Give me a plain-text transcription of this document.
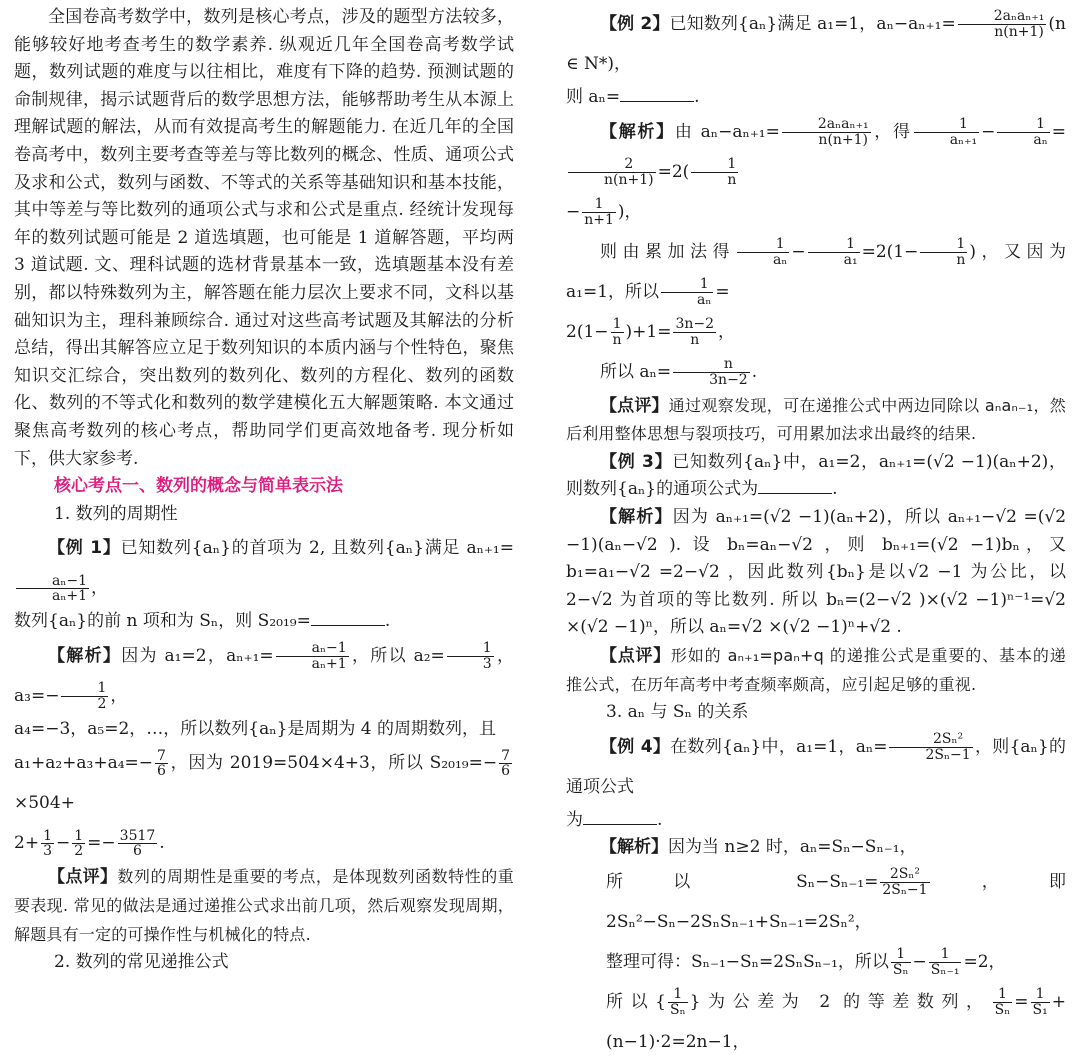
全国卷高考数学中，数列是核心考点，涉及的题型方法较多，能够较好地考查考生的数学素养. 纵观近几年全国卷高考数学试题，数列试题的难度与以往相比，难度有下降的趋势. 预测试题的命制规律，揭示试题背后的数学思想方法，能够帮助考生从本源上理解试题的解法，从而有效提高考生的解题能力. 在近几年的全国卷高考中，数列主要考查等差与等比数列的概念、性质、通项公式及求和公式，数列与函数、不等式的关系等基础知识和基本技能，其中等差与等比数列的通项公式与求和公式是重点. 经统计发现每年的数列试题可能是 2 道选填题，也可能是 1 道解答题，平均两 3 道试题. 文、理科试题的选材背景基本一致，选填题基本没有差别，都以特殊数列为主，解答题在能力层次上要求不同，文科以基础知识为主，理科兼顾综合. 通过对这些高考试题及其解法的分析总结，得出其解答应立足于数列知识的本质内涵与个性特色，聚焦知识交汇综合，突出数列的数列化、数列的方程化、数列的函数化、数列的不等式化和数列的数学建模化五大解题策略. 本文通过聚焦高考数列的核心考点，帮助同学们更高效地备考. 现分析如下，供大家参考.

核心考点一、数列的概念与简单表示法

1. 数列的周期性

【例 1】已知数列{aₙ}的首项为 2, 且数列{aₙ}满足 aₙ₊₁=
$\frac{\text{aₙ−1}}{\text{aₙ+1}}$ ，

数列{aₙ}的前 n 项和为 Sₙ，则 S₂₀₁₉=	.

【解析】因为 a₁=2，$a_{n+1}= \frac{\text{aₙ−1}}{\text{aₙ+1}}$ ，所以 $a_2= \frac{1}{3}$ ，$a_3=- \frac{1}{2}$ ，

a₄=−3，a₅=2，…，所以数列{aₙ}是周期为 4 的周期数列，且

$a_1+a_2+a_3+a_4=- \frac{7}{6}$ ，因为 2019=504×4+3，所以 $S_{2019}=- \frac{7}{6}$
×504+

$2+ \frac{1}{3} - \frac{1}{2} =- \frac{3517}{6}$ .

【点评】数列的周期性是重要的考点，是体现数列函数特性的重要表现. 常见的做法是通过递推公式求出前几项，然后观察发现周期，解题具有一定的可操作性与机械化的特点.

2. 数列的常见递推公式

【例 2】已知数列{aₙ}满足 a₁=1，$a_n-a_{n+1}= \frac{\text{2aₙaₙ₊₁}}{n(n+1)} (n$ ∈ N*)，

则 aₙ=	.

【解析】由 $a_n-a_{n+1}= \frac{\text{2aₙaₙ₊₁}}{n(n+1)}$ ，得 $\frac{1}{\text{aₙ₊₁}} - \frac{1}{\text{aₙ}}$ =
$\frac{2}{n(n+1)} =2( \frac{1}{n}$

− $\frac{1}{n+1}$ )，

则由累加法得 $\frac{1}{\text{aₙ}} - \frac{1}{\text{a₁}} =2(1- \frac{1}{n}$ )，又因为 a₁=1，所以 $\frac{1}{\text{aₙ}}$ =

$2(1- \frac{1}{n} )+1= \frac{3n-2}{n}$ ，

所以 $a_n= \frac{n}{3n-2}$ .

【点评】通过观察发现，可在递推公式中两边同除以 aₙaₙ₋₁，然后利用整体思想与裂项技巧，可用累加法求出最终的结果.

【例 3】已知数列{aₙ}中，a₁=2，aₙ₊₁=(√2 −1)(aₙ+2)，则数列{aₙ}的通项公式为	.

【解析】因为 aₙ₊₁=(√2 −1)(aₙ+2)，所以 aₙ₊₁−√2 =(√2 −1)(aₙ−√2 ). 设 bₙ=aₙ−√2 ，则 bₙ₊₁=(√2 −1)bₙ，又 b₁=a₁−√2 =2−√2 ，因此数列{bₙ}是以√2 −1 为公比，以 2−√2 为首项的等比数列. 所以 bₙ=(2−√2 )×(√2 −1)ⁿ⁻¹=√2 ×(√2 −1)ⁿ，所以 aₙ=√2 ×(√2 −1)ⁿ+√2 .

【点评】形如的 aₙ₊₁=paₙ+q 的递推公式是重要的、基本的递推公式，在历年高考中考查频率颇高，应引起足够的重视.

3. aₙ 与 Sₙ 的关系

【例 4】在数列{aₙ}中，a₁=1，$a_n= \frac{\text{2Sₙ²}}{\text{2Sₙ−1}}$ ，则{aₙ}的通项公式

为	.

【解析】因为当 n≥2 时，aₙ=Sₙ−Sₙ₋₁，

所以 $S_n-S_{n-1}= \frac{\text{2Sₙ²}}{\text{2Sₙ−1}}$ ，即 2Sₙ²−Sₙ−2SₙSₙ₋₁+Sₙ₋₁=2Sₙ²，

整理可得：Sₙ₋₁−Sₙ=2SₙSₙ₋₁，所以 $\frac{1}{\text{Sₙ}} - \frac{1}{\text{Sₙ₋₁}} =2$，

所以{ $\frac{1}{\text{Sₙ}}$ }为公差为 2 的等差数列， $\frac{1}{\text{Sₙ}} = \frac{1}{\text{S₁}} +(n-1)\cdot 2=2n-1$，
